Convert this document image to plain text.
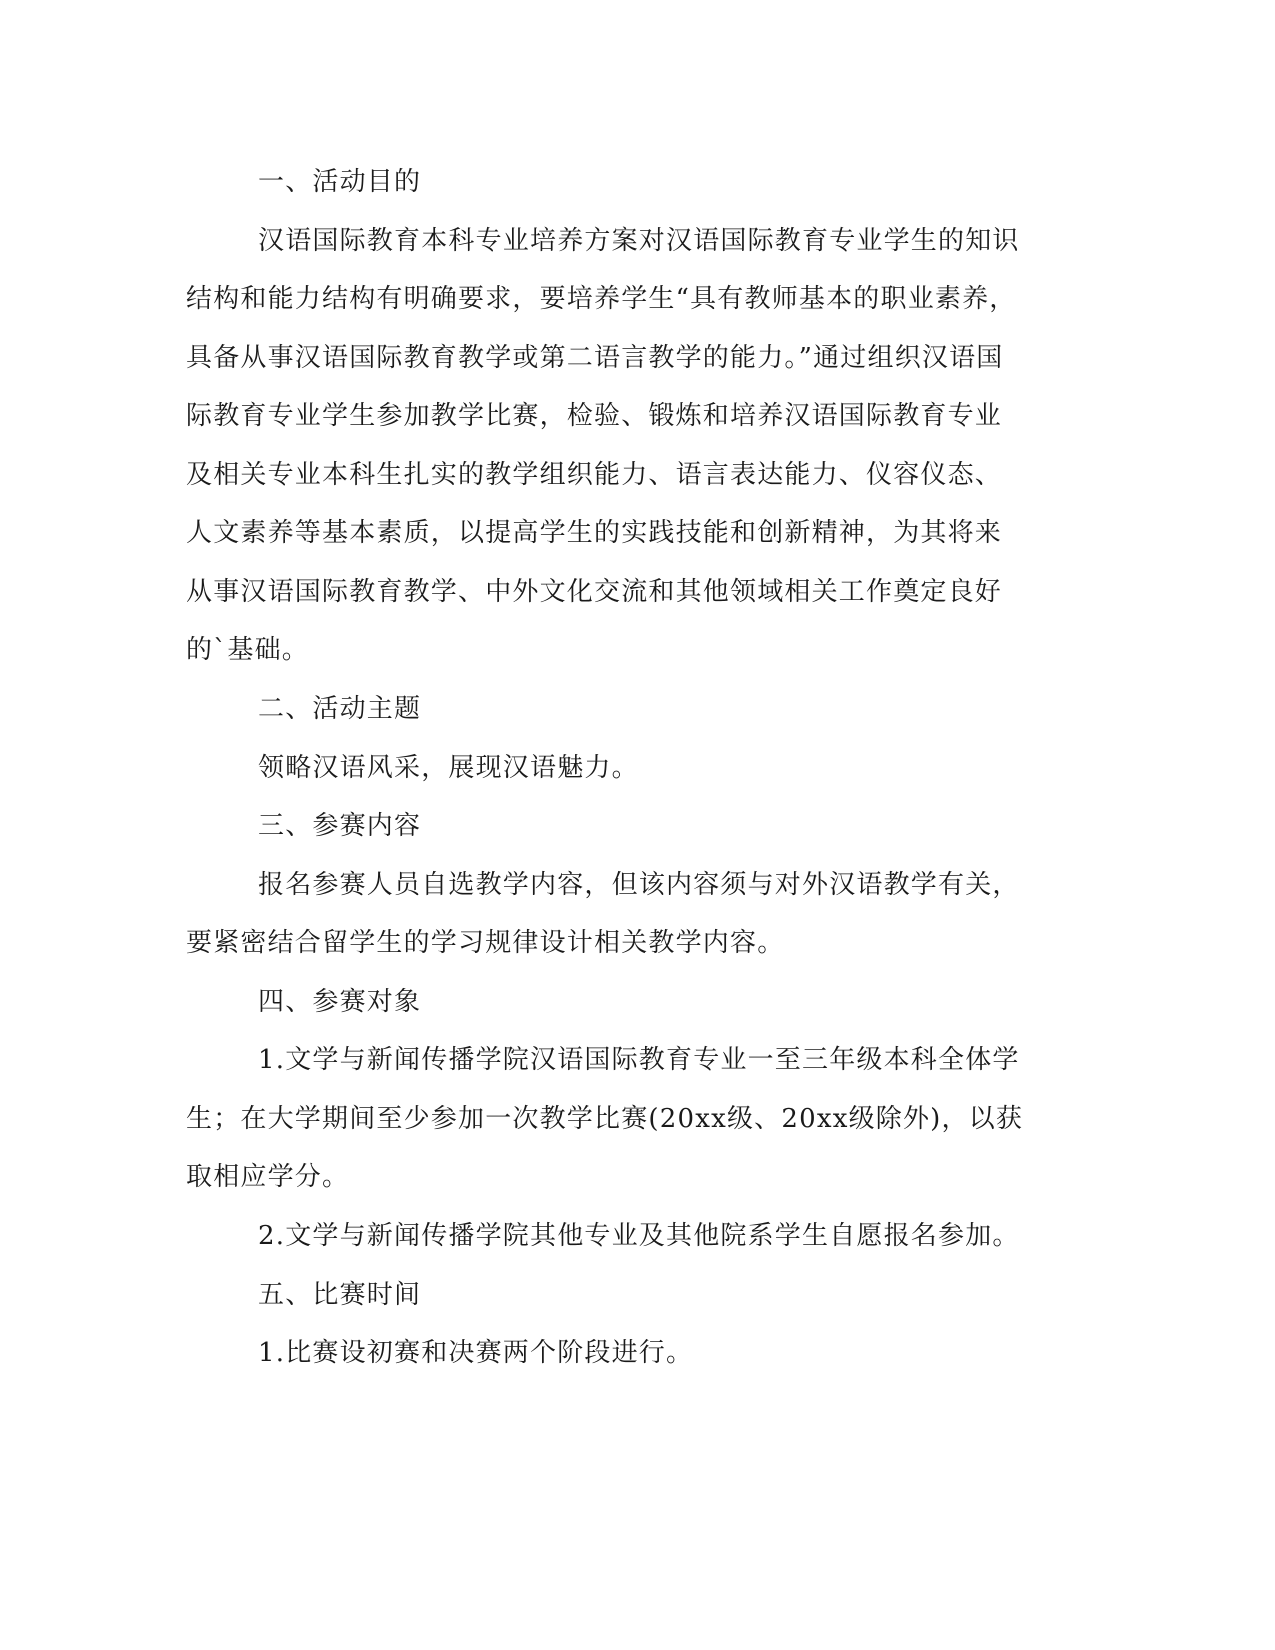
一、活动目的

汉语国际教育本科专业培养方案对汉语国际教育专业学生的知识

结构和能力结构有明确要求，要培养学生“具有教师基本的职业素养，

具备从事汉语国际教育教学或第二语言教学的能力。”通过组织汉语国

际教育专业学生参加教学比赛，检验、锻炼和培养汉语国际教育专业

及相关专业本科生扎实的教学组织能力、语言表达能力、仪容仪态、

人文素养等基本素质，以提高学生的实践技能和创新精神，为其将来

从事汉语国际教育教学、中外文化交流和其他领域相关工作奠定良好

的`基础。

二、活动主题

领略汉语风采，展现汉语魅力。

三、参赛内容

报名参赛人员自选教学内容，但该内容须与对外汉语教学有关，

要紧密结合留学生的学习规律设计相关教学内容。

四、参赛对象

1.文学与新闻传播学院汉语国际教育专业一至三年级本科全体学

生；在大学期间至少参加一次教学比赛(20xx级、20xx级除外)，以获

取相应学分。

2.文学与新闻传播学院其他专业及其他院系学生自愿报名参加。

五、比赛时间

1.比赛设初赛和决赛两个阶段进行。
